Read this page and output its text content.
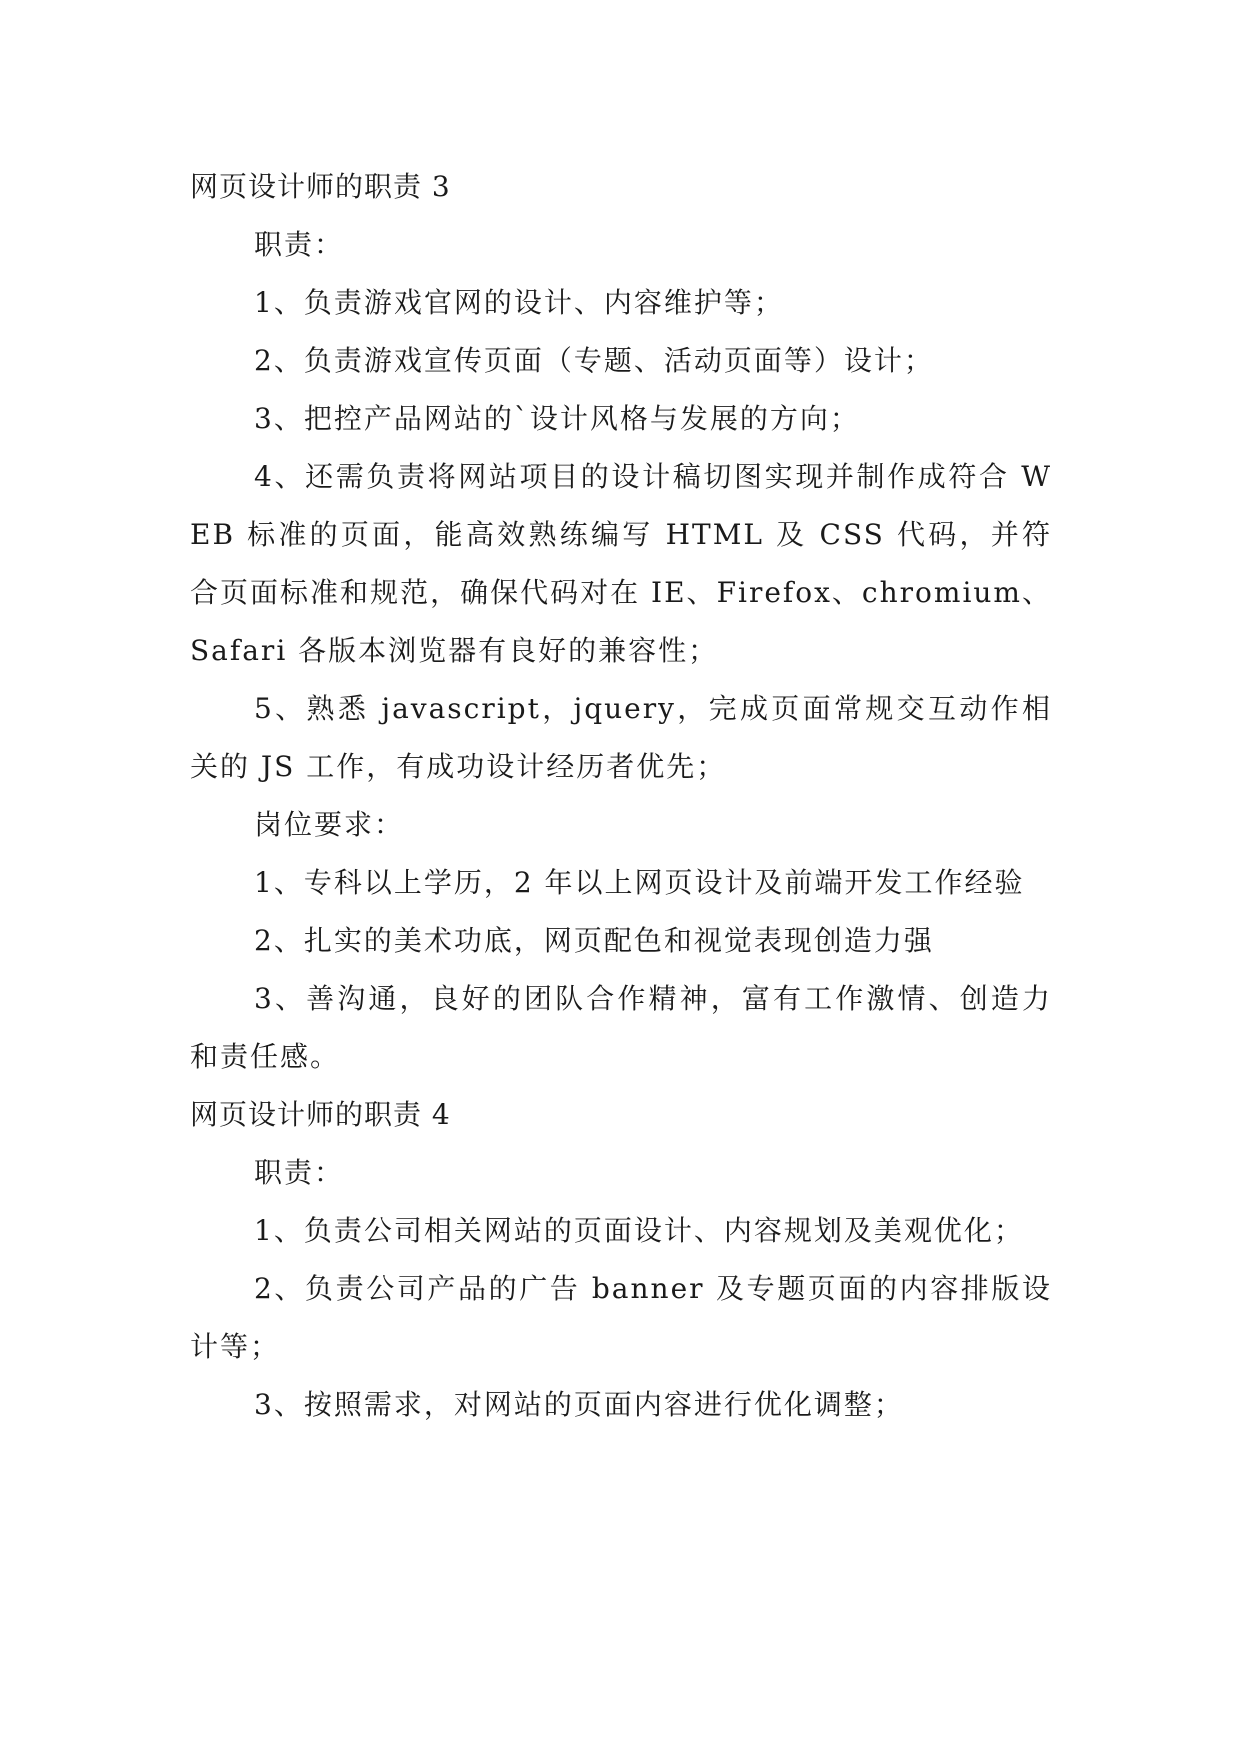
网页设计师的职责 3

职责：

1、负责游戏官网的设计、内容维护等；

2、负责游戏宣传页面（专题、活动页面等）设计；

3、把控产品网站的`设计风格与发展的方向；

4、还需负责将网站项目的设计稿切图实现并制作成符合 WEB 标准的页面，能高效熟练编写 HTML 及 CSS 代码，并符合页面标准和规范，确保代码对在 IE、Firefox、chromium、Safari 各版本浏览器有良好的兼容性；

5、熟悉 javascript，jquery，完成页面常规交互动作相关的 JS 工作，有成功设计经历者优先；

岗位要求：

1、专科以上学历，2 年以上网页设计及前端开发工作经验

2、扎实的美术功底，网页配色和视觉表现创造力强

3、善沟通，良好的团队合作精神，富有工作激情、创造力和责任感。

网页设计师的职责 4

职责：

1、负责公司相关网站的页面设计、内容规划及美观优化；

2、负责公司产品的广告 banner 及专题页面的内容排版设计等；

3、按照需求，对网站的页面内容进行优化调整；
